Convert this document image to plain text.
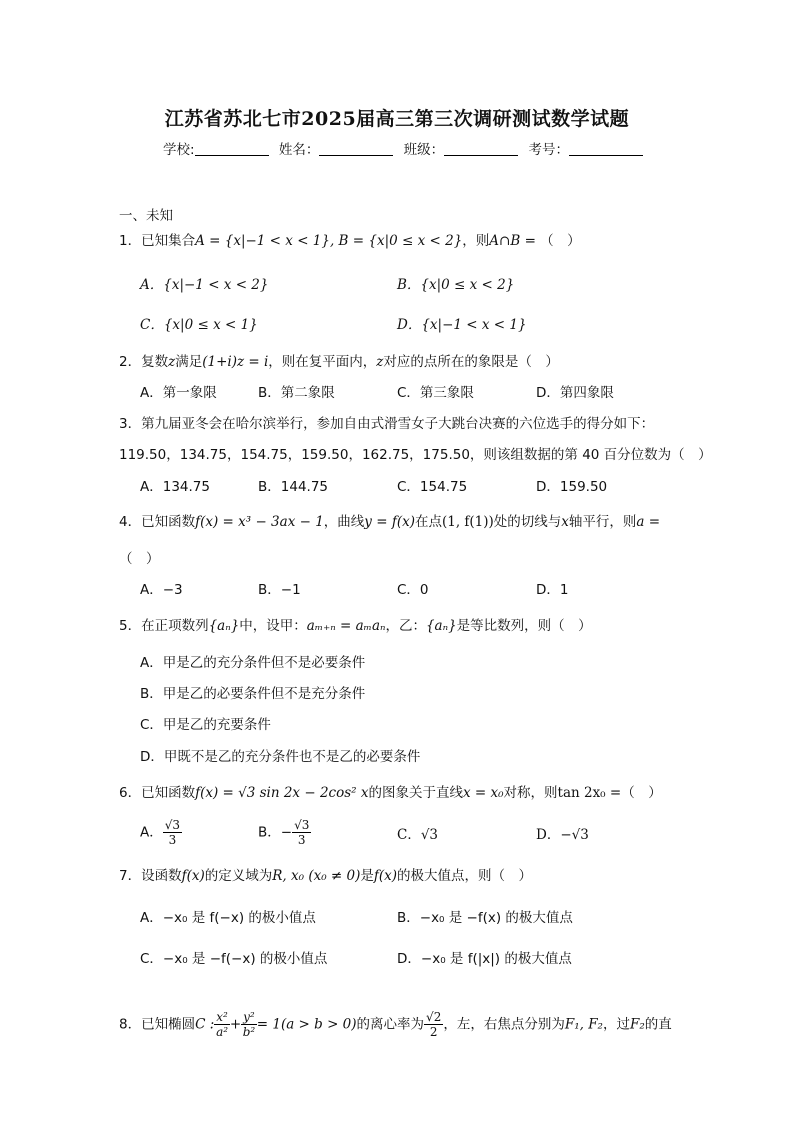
江苏省苏北七市2025届高三第三次调研测试数学试题
学校:	姓名：	班级：	考号：
一、未知
1．已知集合A = {x|−1 < x < 1}, B = {x|0 ≤ x < 2}，则A∩B = （　）
A．{x|−1 < x < 2}	B．{x|0 ≤ x < 2}
C．{x|0 ≤ x < 1}	D．{x|−1 < x < 1}
2．复数z满足(1+i)z = i，则在复平面内，z对应的点所在的象限是（　）
A．第一象限	B．第二象限	C．第三象限	D．第四象限
3．第九届亚冬会在哈尔滨举行，参加自由式滑雪女子大跳台决赛的六位选手的得分如下：
119.50，134.75，154.75，159.50，162.75，175.50，则该组数据的第 40 百分位数为（　）
A．134.75	B．144.75	C．154.75	D．159.50
4．已知函数f(x) = x³ − 3ax − 1，曲线y = f(x)在点(1, f(1))处的切线与x轴平行，则a =
（　）
A．−3	B．−1	C．0	D．1
5．在正项数列{aₙ}中，设甲：aₘ₊ₙ = aₘaₙ，乙：{aₙ}是等比数列，则（　）
A．甲是乙的充分条件但不是必要条件
B．甲是乙的必要条件但不是充分条件
C．甲是乙的充要条件
D．甲既不是乙的充分条件也不是乙的必要条件
6．已知函数f(x) = √3 sin 2x − 2cos² x的图象关于直线x = x₀对称，则tan 2x₀ =（　）
A． $\frac{√3}{3}$	B．− $\frac{√3}{3}$	C．√3	D．−√3
7．设函数f(x)的定义域为R, x₀ (x₀ ≠ 0)是f(x)的极大值点，则（　）
A．−x₀ 是 f(−x) 的极小值点	B．−x₀ 是 −f(x) 的极大值点
C．−x₀ 是 −f(−x) 的极小值点	D．−x₀ 是 f(|x|) 的极大值点
8．已知椭圆C : $\frac{\text{x²}}{\text{a²}} + \frac{\text{y²}}{\text{b²}} = 1(a > b > 0)$的离心率为 $\frac{√2}{2}$ ，左，右焦点分别为F₁, F₂，过F₂的直
